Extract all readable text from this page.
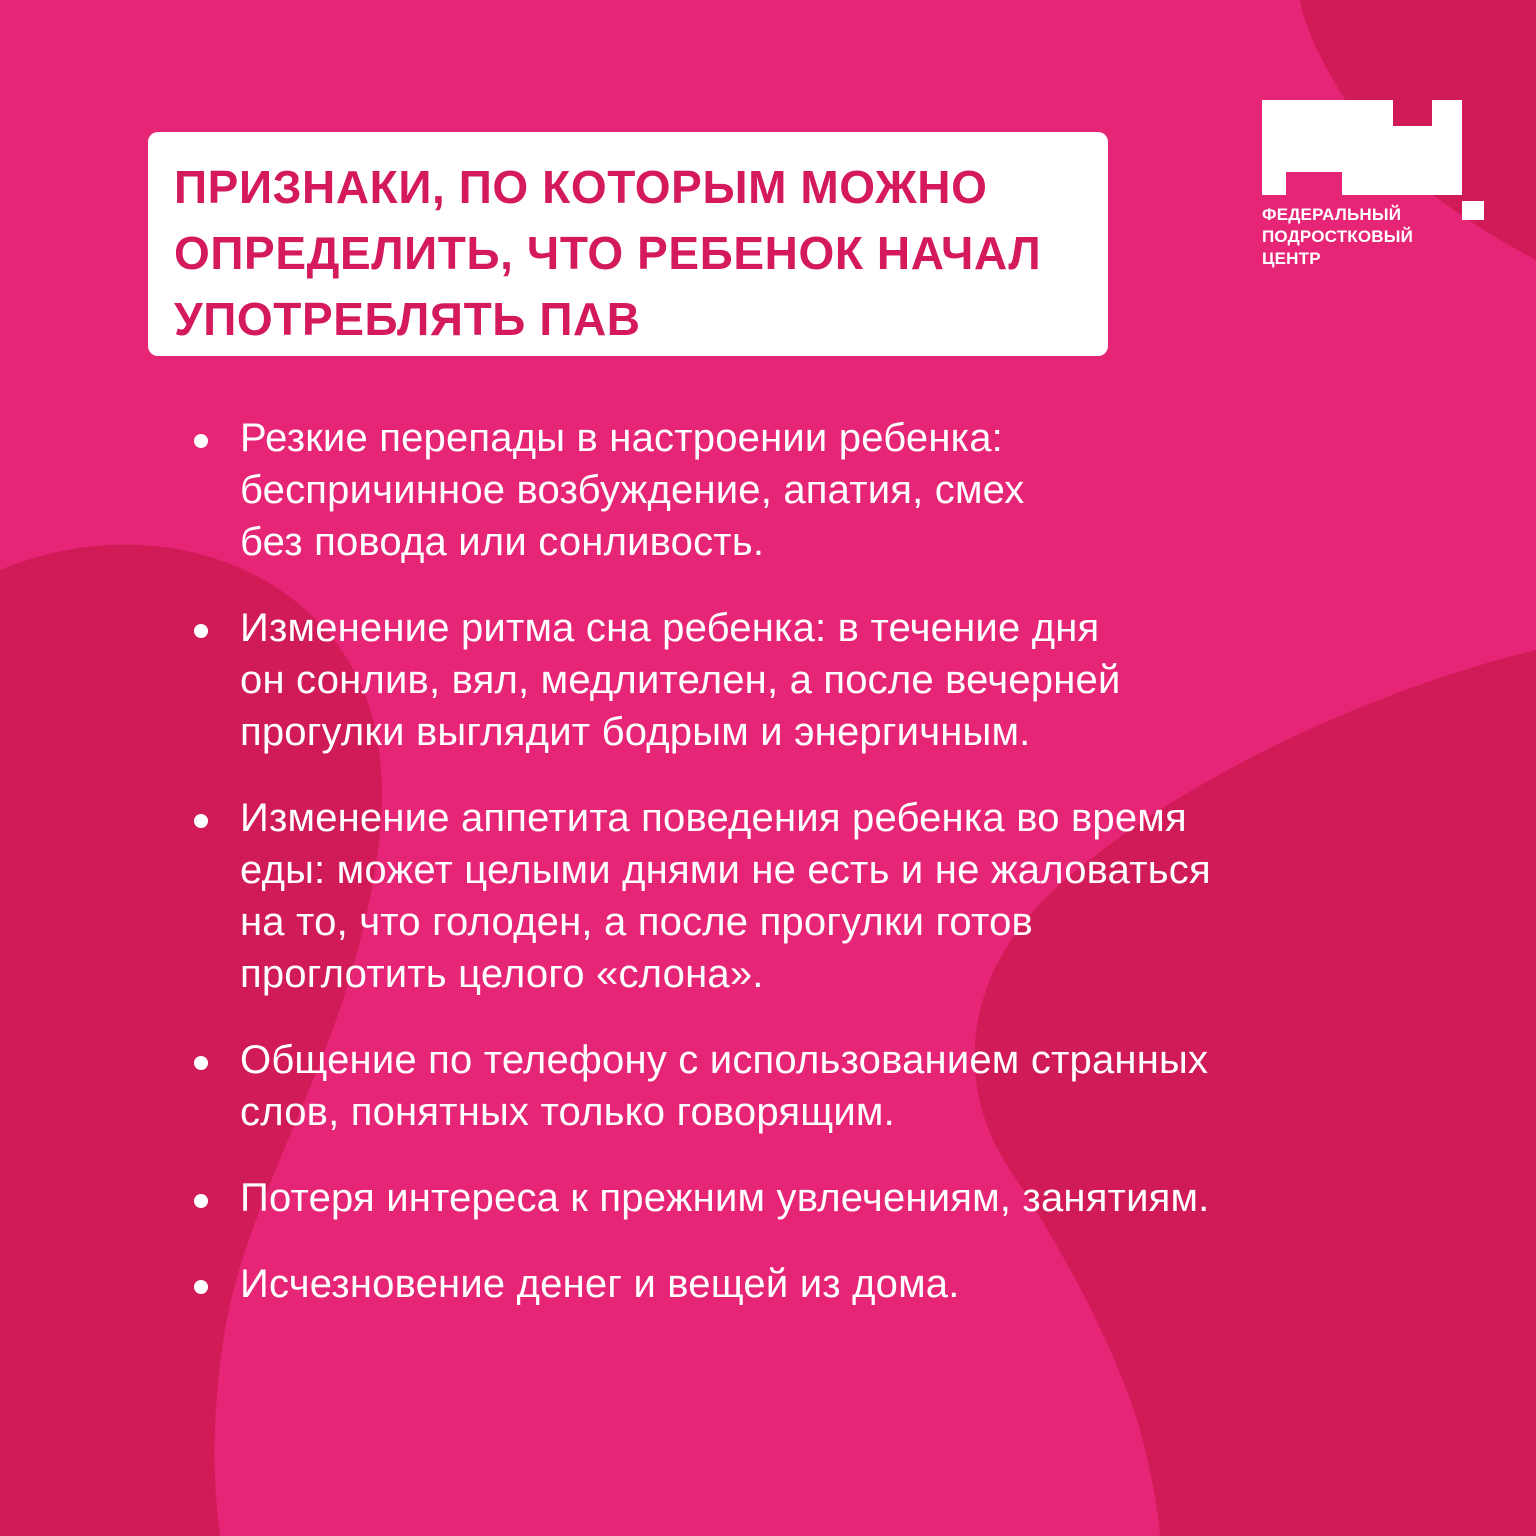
ПРИЗНАКИ, ПО КОТОРЫМ МОЖНО
ОПРЕДЕЛИТЬ, ЧТО РЕБЕНОК НАЧАЛ
УПОТРЕБЛЯТЬ ПАВ
ФЕДЕРАЛЬНЫЙ
ПОДРОСТКОВЫЙ
ЦЕНТР
Резкие перепады в настроении ребенка:
беспричинное возбуждение, апатия, смех
без повода или сонливость.
Изменение ритма сна ребенка: в течение дня
он сонлив, вял, медлителен, а после вечерней
прогулки выглядит бодрым и энергичным.
Изменение аппетита поведения ребенка во время
еды: может целыми днями не есть и не жаловаться
на то, что голоден, а после прогулки готов
проглотить целого «слона».
Общение по телефону с использованием странных
слов, понятных только говорящим.
Потеря интереса к прежним увлечениям, занятиям.
Исчезновение денег и вещей из дома.
